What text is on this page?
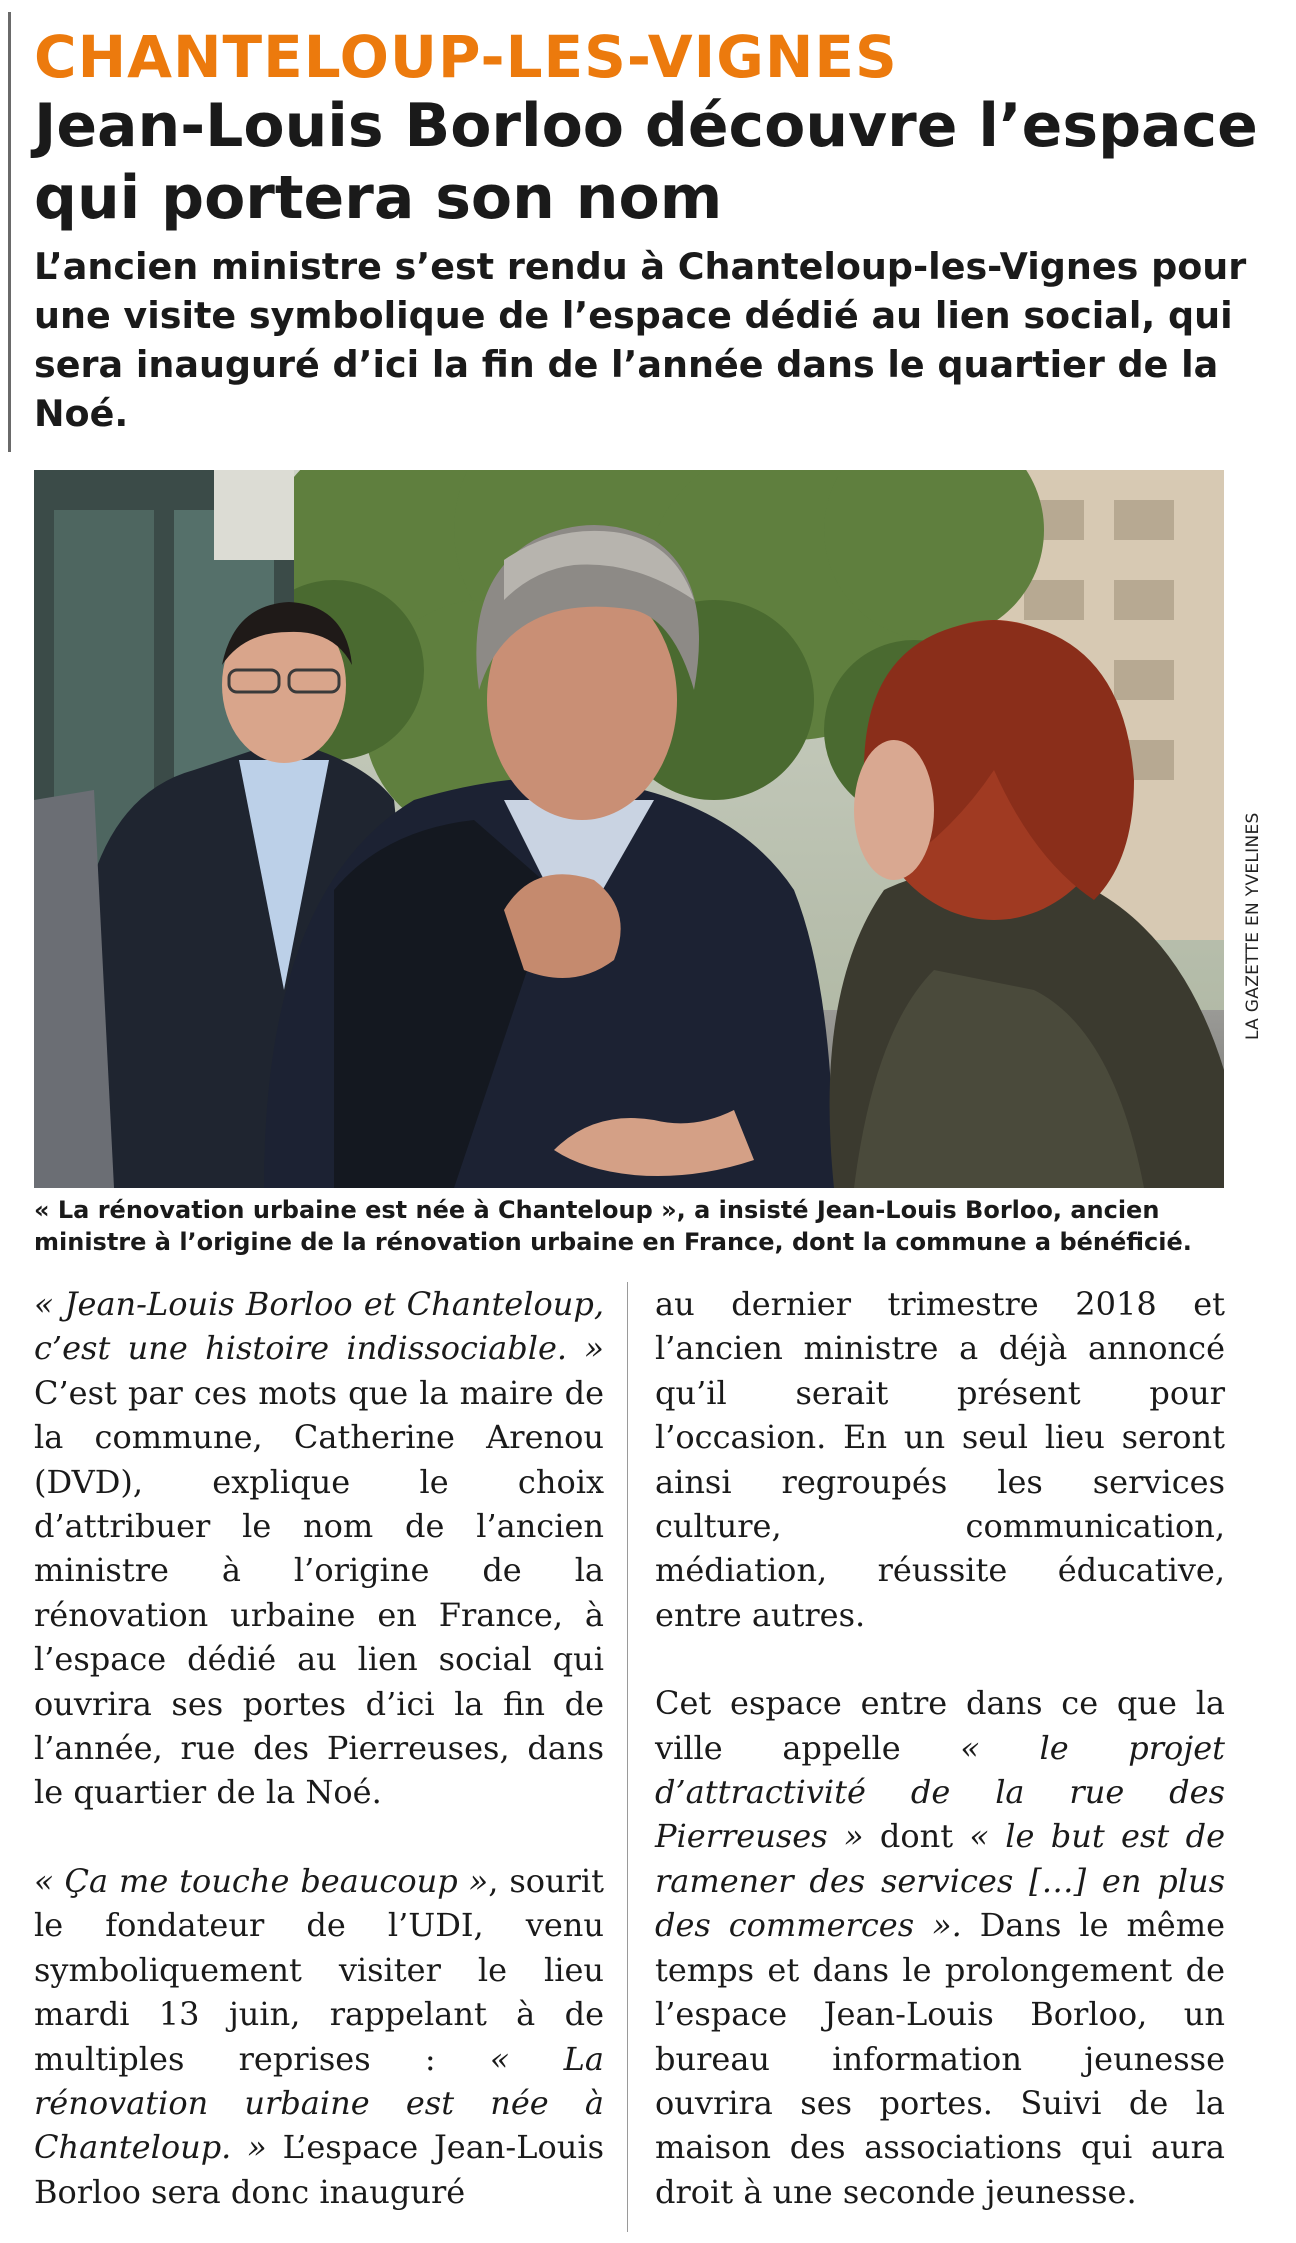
CHANTELOUP-LES-VIGNES
Jean-Louis Borloo découvre l’espace qui portera son nom

L’ancien ministre s’est rendu à Chanteloup-les-Vignes pour une visite symbolique de l’espace dédié au lien social, qui sera inauguré d’ici la fin de l’année dans le quartier de la Noé.

LA GAZETTE EN YVELINES

« La rénovation urbaine est née à Chanteloup », a insisté Jean-Louis Borloo, ancien ministre à l’origine de la rénovation urbaine en France, dont la commune a bénéficié.

« Jean-Louis Borloo et Chanteloup, c’est une histoire indissociable. » C’est par ces mots que la maire de la commune, Catherine Arenou (DVD), explique le choix d’attribuer le nom de l’ancien ministre à l’origine de la rénovation urbaine en France, à l’espace dédié au lien social qui ouvrira ses portes d’ici la fin de l’année, rue des Pierreuses, dans le quartier de la Noé.

« Ça me touche beaucoup », sourit le fondateur de l’UDI, venu symboliquement visiter le lieu mardi 13 juin, rappelant à de multiples reprises : « La rénovation urbaine est née à Chanteloup. » L’espace Jean-Louis Borloo sera donc inauguré

au dernier trimestre 2018 et l’ancien ministre a déjà annoncé qu’il serait présent pour l’occasion. En un seul lieu seront ainsi regroupés les services culture, communication, médiation, réussite éducative, entre autres.

Cet espace entre dans ce que la ville appelle « le projet d’attractivité de la rue des Pierreuses » dont « le but est de ramener des services […] en plus des commerces ». Dans le même temps et dans le prolongement de l’espace Jean-Louis Borloo, un bureau information jeunesse ouvrira ses portes. Suivi de la maison des associations qui aura droit à une seconde jeunesse.
